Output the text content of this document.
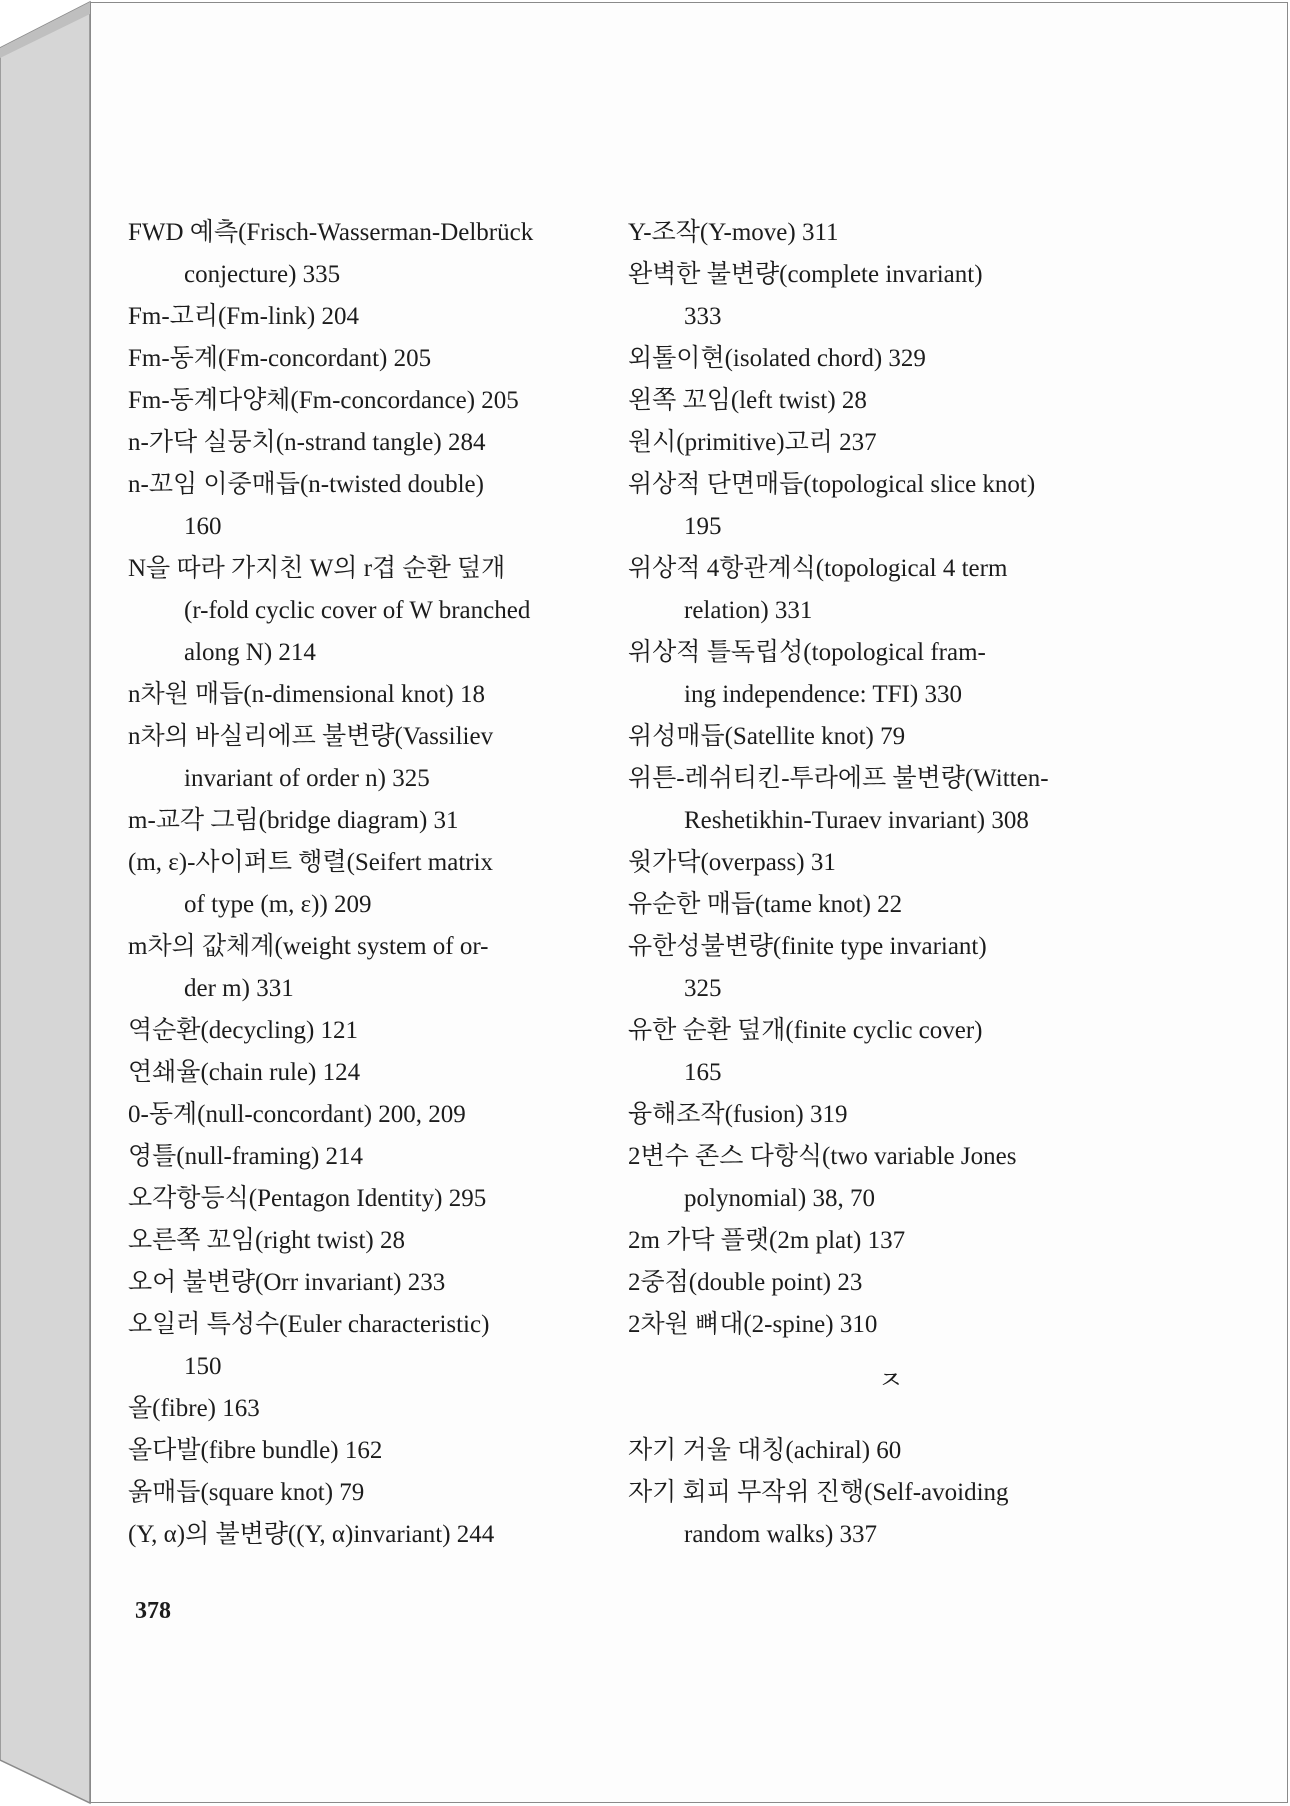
FWD 예측(Frisch-Wasserman-Delbrück
conjecture) 335
Fm-고리(Fm-link) 204
Fm-동계(Fm-concordant) 205
Fm-동계다양체(Fm-concordance) 205
n-가닥 실뭉치(n-strand tangle) 284
n-꼬임 이중매듭(n-twisted double)
160
N을 따라 가지친 W의 r겹 순환 덮개
(r-fold cyclic cover of W branched
along N) 214
n차원 매듭(n-dimensional knot) 18
n차의 바실리에프 불변량(Vassiliev
invariant of order n) 325
m-교각 그림(bridge diagram) 31
(m, ε)-사이퍼트 행렬(Seifert matrix
of type (m, ε)) 209
m차의 값체계(weight system of or-
der m) 331
역순환(decycling) 121
연쇄율(chain rule) 124
0-동계(null-concordant) 200, 209
영틀(null-framing) 214
오각항등식(Pentagon Identity) 295
오른쪽 꼬임(right twist) 28
오어 불변량(Orr invariant) 233
오일러 특성수(Euler characteristic)
150
올(fibre) 163
올다발(fibre bundle) 162
옭매듭(square knot) 79
(Y, α)의 불변량((Y, α)invariant) 244
Y-조작(Y-move) 311
완벽한 불변량(complete invariant)
333
외톨이현(isolated chord) 329
왼쪽 꼬임(left twist) 28
원시(primitive)고리 237
위상적 단면매듭(topological slice knot)
195
위상적 4항관계식(topological 4 term
relation) 331
위상적 틀독립성(topological fram-
ing independence: TFI) 330
위성매듭(Satellite knot) 79
위튼-레쉬티킨-투라에프 불변량(Witten-
Reshetikhin-Turaev invariant) 308
윗가닥(overpass) 31
유순한 매듭(tame knot) 22
유한성불변량(finite type invariant)
325
유한 순환 덮개(finite cyclic cover)
165
융해조작(fusion) 319
2변수 존스 다항식(two variable Jones
polynomial) 38, 70
2m 가닥 플랫(2m plat) 137
2중점(double point) 23
2차원 뼈대(2-spine) 310
ㅈ
자기 거울 대칭(achiral) 60
자기 회피 무작위 진행(Self-avoiding
random walks) 337
378
